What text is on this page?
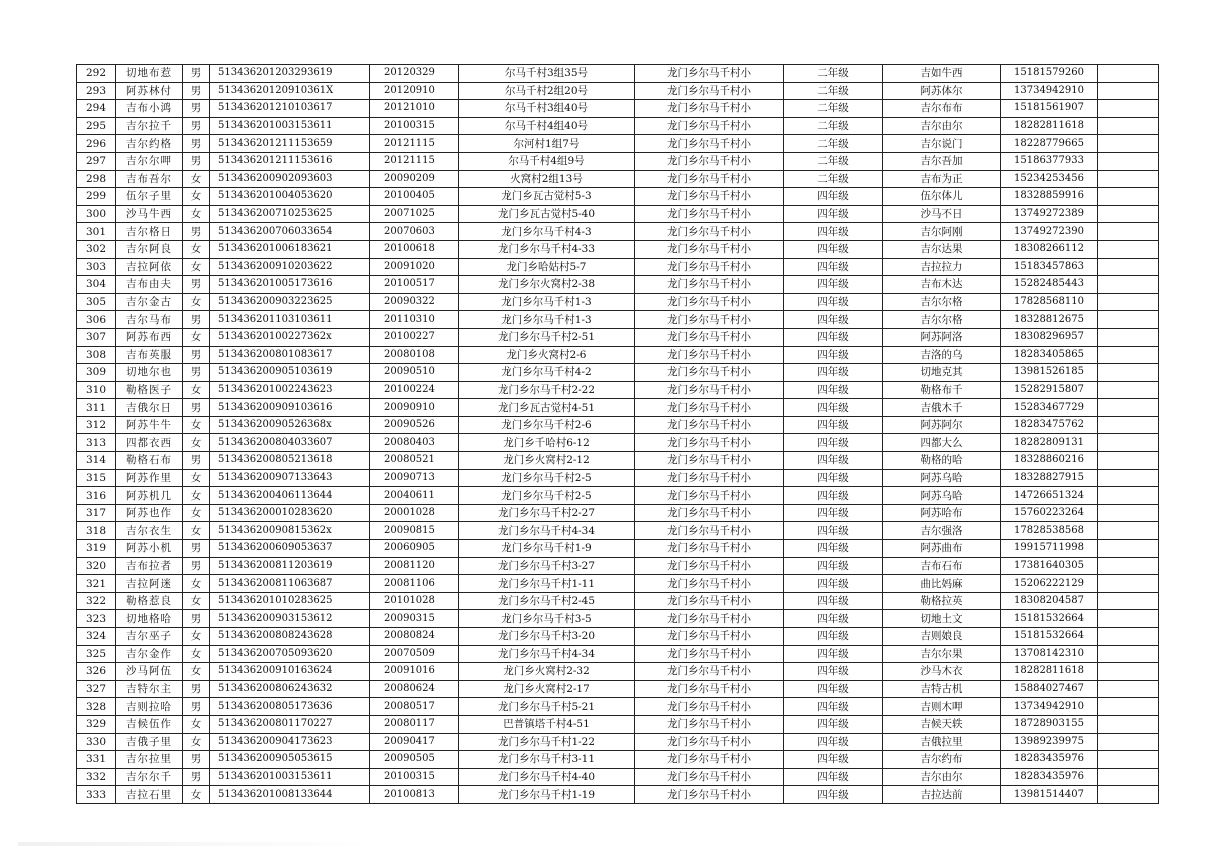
292	切地布惹	男	513436201203293619	20120329	尔马千村3组35号	龙门乡尔马千村小	二年级	吉如牛西	15181579260	
293	阿苏林付	男	51343620120910361X	20120910	尔马千村2组20号	龙门乡尔马千村小	二年级	阿苏体尔	13734942910	
294	吉布小鸿	男	513436201210103617	20121010	尔马千村3组40号	龙门乡尔马千村小	二年级	吉尔布布	15181561907	
295	吉尔拉千	男	513436201003153611	20100315	尔马千村4组40号	龙门乡尔马千村小	二年级	吉尔由尔	18282811618	
296	吉尔约格	男	513436201211153659	20121115	尔河村1组7号	龙门乡尔马千村小	二年级	吉尔说门	18228779665	
297	吉尔尔呷	男	513436201211153616	20121115	尔马千村4组9号	龙门乡尔马千村小	二年级	吉尔吾加	15186377933	
298	吉布吾尔	女	513436200902093603	20090209	火窝村2组13号	龙门乡尔马千村小	二年级	吉布为正	15234253456	
299	伍尔子里	女	513436201004053620	20100405	龙门乡瓦古觉村5-3	龙门乡尔马千村小	四年级	伍尔体儿	18328859916	
300	沙马牛西	女	513436200710253625	20071025	龙门乡瓦古觉村5-40	龙门乡尔马千村小	四年级	沙马不日	13749272389	
301	吉尔格日	男	513436200706033654	20070603	龙门乡尔马千村4-3	龙门乡尔马千村小	四年级	吉尔阿刚	13749272390	
302	吉尔阿良	女	513436201006183621	20100618	龙门乡尔马千村4-33	龙门乡尔马千村小	四年级	吉尔达果	18308266112	
303	吉拉阿依	女	513436200910203622	20091020	龙门乡哈姑村5-7	龙门乡尔马千村小	四年级	吉拉拉力	15183457863	
304	吉布由夫	男	513436201005173616	20100517	龙门乡尔火窝村2-38	龙门乡尔马千村小	四年级	吉布木达	15282485443	
305	吉尔金古	女	513436200903223625	20090322	龙门乡尔马千村1-3	龙门乡尔马千村小	四年级	吉尔尔格	17828568110	
306	吉尔马布	男	513436201103103611	20110310	龙门乡尔马千村1-3	龙门乡尔马千村小	四年级	吉尔尔格	18328812675	
307	阿苏布西	女	51343620100227362x	20100227	龙门乡尔马千村2-51	龙门乡尔马千村小	四年级	阿苏阿洛	18308296957	
308	吉布英服	男	513436200801083617	20080108	龙门乡火窝村2-6	龙门乡尔马千村小	四年级	吉洛的乌	18283405865	
309	切地尔也	男	513436200905103619	20090510	龙门乡尔马千村4-2	龙门乡尔马千村小	四年级	切地克其	13981526185	
310	勒格医子	女	513436201002243623	20100224	龙门乡尔马千村2-22	龙门乡尔马千村小	四年级	勒格布千	15282915807	
311	吉俄尔日	男	513436200909103616	20090910	龙门乡瓦古觉村4-51	龙门乡尔马千村小	四年级	吉俄木千	15283467729	
312	阿苏牛牛	女	51343620090526368x	20090526	龙门乡尔马千村2-6	龙门乡尔马千村小	四年级	阿苏阿尔	18283475762	
313	四都衣西	女	513436200804033607	20080403	龙门乡千哈村6-12	龙门乡尔马千村小	四年级	四都大么	18282809131	
314	勒格石布	男	513436200805213618	20080521	龙门乡火窝村2-12	龙门乡尔马千村小	四年级	勒格的哈	18328860216	
315	阿苏作里	女	513436200907133643	20090713	龙门乡尔马千村2-5	龙门乡尔马千村小	四年级	阿苏乌哈	18328827915	
316	阿苏机几	女	513436200406113644	20040611	龙门乡尔马千村2-5	龙门乡尔马千村小	四年级	阿苏乌哈	14726651324	
317	阿苏也作	女	513436200010283620	20001028	龙门乡尔马千村2-27	龙门乡尔马千村小	四年级	阿苏哈布	15760223264	
318	吉尔衣生	女	51343620090815362x	20090815	龙门乡尔马千村4-34	龙门乡尔马千村小	四年级	吉尔强洛	17828538568	
319	阿苏小机	男	513436200609053637	20060905	龙门乡尔马千村1-9	龙门乡尔马千村小	四年级	阿苏曲布	19915711998	
320	吉布拉者	男	513436200811203619	20081120	龙门乡尔马千村3-27	龙门乡尔马千村小	四年级	吉布石布	17381640305	
321	吉拉阿迷	女	513436200811063687	20081106	龙门乡尔马千村1-11	龙门乡尔马千村小	四年级	曲比妈麻	15206222129	
322	勒格惹良	女	513436201010283625	20101028	龙门乡尔马千村2-45	龙门乡尔马千村小	四年级	勒格拉英	18308204587	
323	切地格哈	男	513436200903153612	20090315	龙门乡尔马千村3-5	龙门乡尔马千村小	四年级	切地土文	15181532664	
324	吉尔巫子	女	513436200808243628	20080824	龙门乡尔马千村3-20	龙门乡尔马千村小	四年级	吉则娘良	15181532664	
325	吉尔金作	女	513436200705093620	20070509	龙门乡尔马千村4-34	龙门乡尔马千村小	四年级	吉尔尔果	13708142310	
326	沙马阿伍	女	513436200910163624	20091016	龙门乡火窝村2-32	龙门乡尔马千村小	四年级	沙马木衣	18282811618	
327	吉特尔主	男	513436200806243632	20080624	龙门乡火窝村2-17	龙门乡尔马千村小	四年级	吉特古机	15884027467	
328	吉则拉哈	男	513436200805173636	20080517	龙门乡尔马千村5-21	龙门乡尔马千村小	四年级	吉则木呷	13734942910	
329	吉候伍作	女	513436200801170227	20080117	巴普镇塔千村4-51	龙门乡尔马千村小	四年级	吉候天轶	18728903155	
330	吉俄子里	女	513436200904173623	20090417	龙门乡尔马千村1-22	龙门乡尔马千村小	四年级	吉俄拉里	13989239975	
331	吉尔拉里	男	513436200905053615	20090505	龙门乡尔马千村3-11	龙门乡尔马千村小	四年级	吉尔约布	18283435976	
332	吉尔尔千	男	513436201003153611	20100315	龙门乡尔马千村4-40	龙门乡尔马千村小	四年级	吉尔由尔	18283435976	
333	吉拉石里	女	513436201008133644	20100813	龙门乡尔马千村1-19	龙门乡尔马千村小	四年级	吉拉达前	13981514407	
